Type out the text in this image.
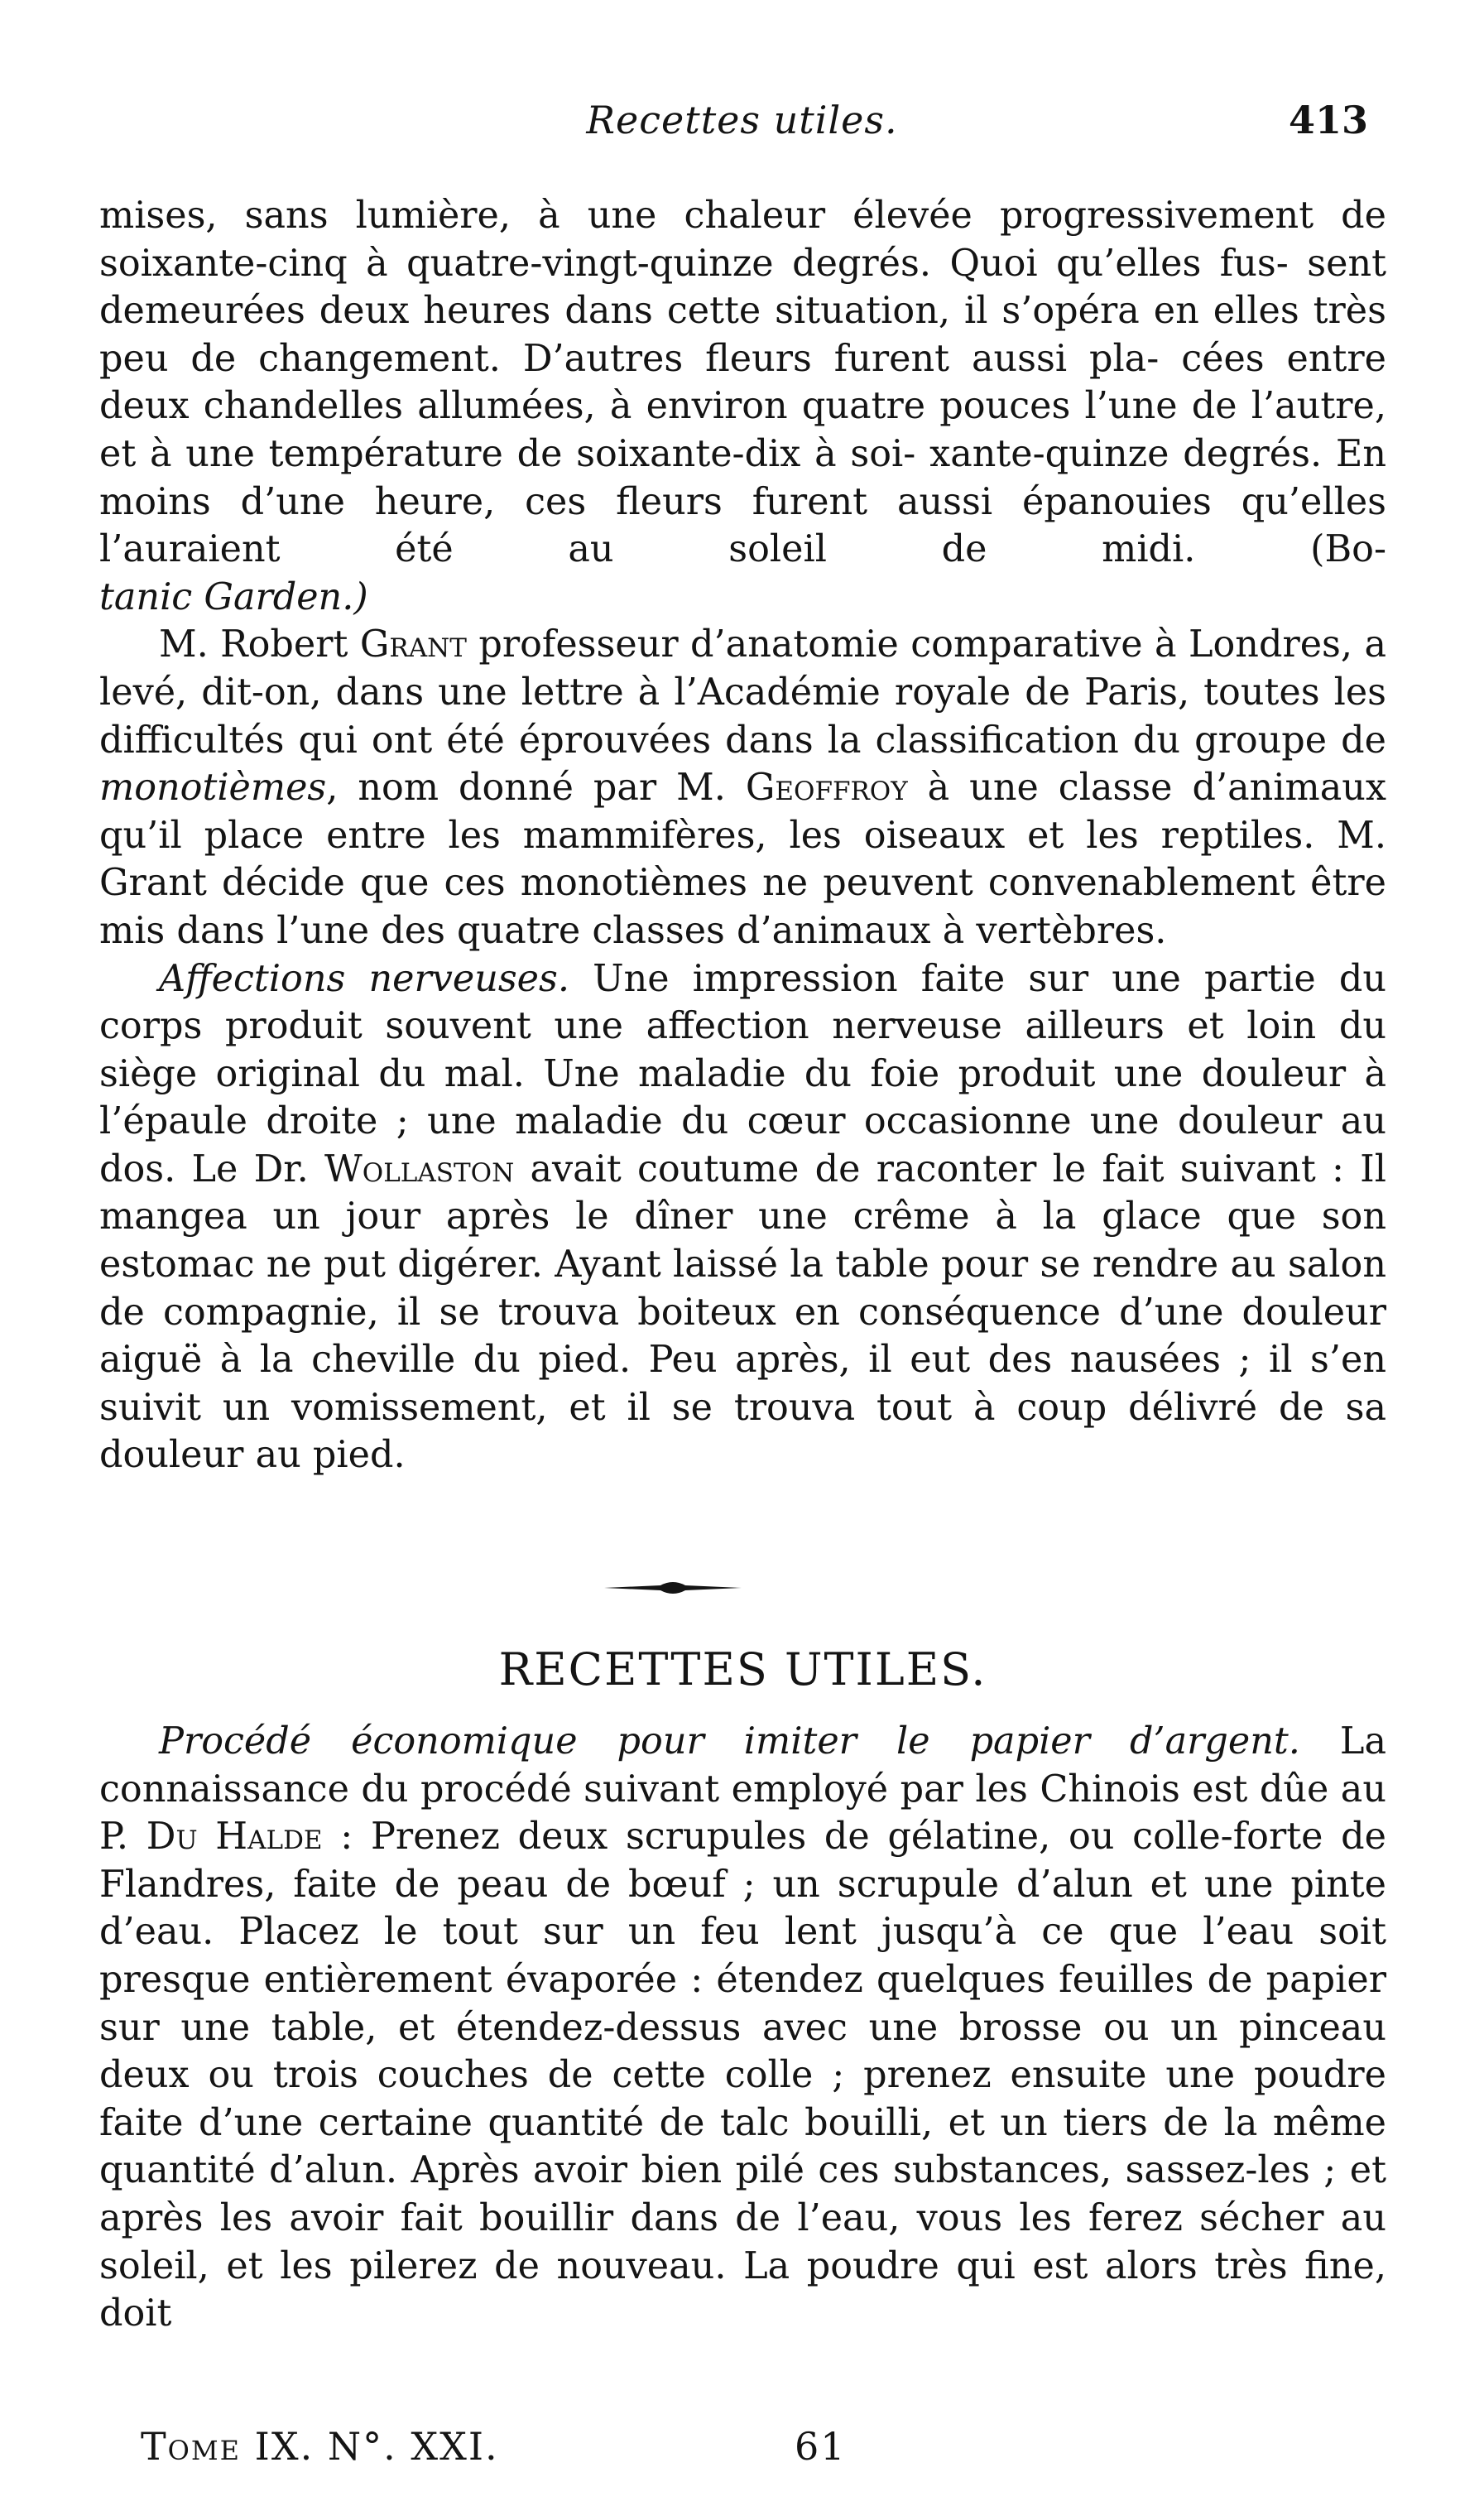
Recettes utiles.	413

mises, sans lumière, à une chaleur élevée progressivement de soixante-cinq à quatre-vingt-quinze degrés. Quoi qu’elles fus- sent demeurées deux heures dans cette situation, il s’opéra en elles très peu de changement. D’autres fleurs furent aussi pla- cées entre deux chandelles allumées, à environ quatre pouces l’une de l’autre, et à une température de soixante-dix à soi- xante-quinze degrés. En moins d’une heure, ces fleurs furent aussi épanouies qu’elles l’auraient été au soleil de midi. (Bo-

tanic Garden.)

M. Robert Grant professeur d’anatomie comparative à Londres, a levé, dit-on, dans une lettre à l’Académie royale de Paris, toutes les difficultés qui ont été éprouvées dans la classification du groupe de monotièmes, nom donné par M. Geoffroy à une classe d’animaux qu’il place entre les mammifères, les oiseaux et les reptiles. M. Grant décide que ces monotièmes ne peuvent convenablement être mis dans l’une des quatre classes d’animaux à vertèbres.

Affections nerveuses. Une impression faite sur une partie du corps produit souvent une affection nerveuse ailleurs et loin du siège original du mal. Une maladie du foie produit une douleur à l’épaule droite ; une maladie du cœur occasionne une douleur au dos. Le Dr. Wollaston avait coutume de raconter le fait suivant : Il mangea un jour après le dîner une crême à la glace que son estomac ne put digérer. Ayant laissé la table pour se rendre au salon de compagnie, il se trouva boiteux en conséquence d’une douleur aiguë à la cheville du pied. Peu après, il eut des nausées ; il s’en suivit un vomissement, et il se trouva tout à coup délivré de sa douleur au pied.

RECETTES UTILES.

Procédé économique pour imiter le papier d’argent. La connaissance du procédé suivant employé par les Chinois est dûe au P. Du Halde : Prenez deux scrupules de gélatine, ou colle-forte de Flandres, faite de peau de bœuf ; un scrupule d’alun et une pinte d’eau. Placez le tout sur un feu lent jusqu’à ce que l’eau soit presque entièrement évaporée : étendez quelques feuilles de papier sur une table, et étendez-dessus avec une brosse ou un pinceau deux ou trois couches de cette colle ; prenez ensuite une poudre faite d’une certaine quantité de talc bouilli, et un tiers de la même quantité d’alun. Après avoir bien pilé ces substances, sassez-les ; et après les avoir fait bouillir dans de l’eau, vous les ferez sécher au soleil, et les pilerez de nouveau. La poudre qui est alors très fine, doit

Tome IX. N°. XXI.	61
